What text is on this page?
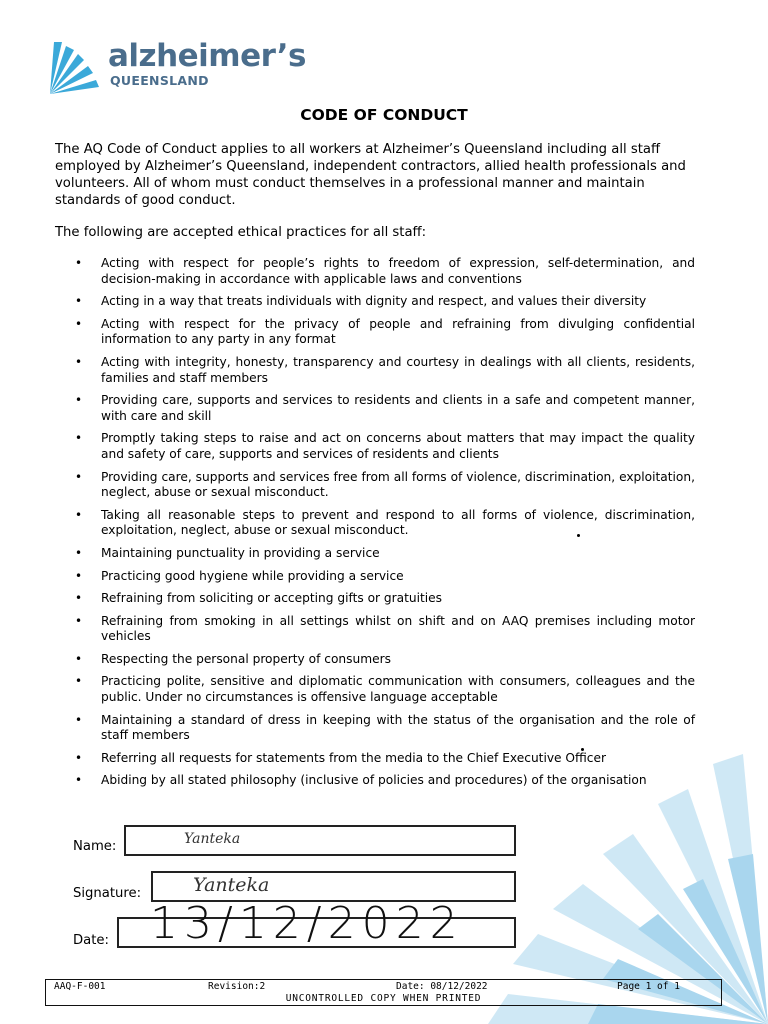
alzheimer’s
QUEENSLAND
CODE OF CONDUCT

The AQ Code of Conduct applies to all workers at Alzheimer’s Queensland including all staff employed by Alzheimer’s Queensland, independent contractors, allied health professionals and volunteers. All of whom must conduct themselves in a professional manner and maintain standards of good conduct.

The following are accepted ethical practices for all staff:

• Acting with respect for people’s rights to freedom of expression, self-determination, and decision-making in accordance with applicable laws and conventions
• Acting in a way that treats individuals with dignity and respect, and values their diversity
• Acting with respect for the privacy of people and refraining from divulging confidential information to any party in any format
• Acting with integrity, honesty, transparency and courtesy in dealings with all clients, residents, families and staff members
• Providing care, supports and services to residents and clients in a safe and competent manner, with care and skill
• Promptly taking steps to raise and act on concerns about matters that may impact the quality and safety of care, supports and services of residents and clients
• Providing care, supports and services free from all forms of violence, discrimination, exploitation, neglect, abuse or sexual misconduct.
• Taking all reasonable steps to prevent and respond to all forms of violence, discrimination, exploitation, neglect, abuse or sexual misconduct.
• Maintaining punctuality in providing a service
• Practicing good hygiene while providing a service
• Refraining from soliciting or accepting gifts or gratuities
• Refraining from smoking in all settings whilst on shift and on AAQ premises including motor vehicles
• Respecting the personal property of consumers
• Practicing polite, sensitive and diplomatic communication with consumers, colleagues and the public. Under no circumstances is offensive language acceptable
• Maintaining a standard of dress in keeping with the status of the organisation and the role of staff members
• Referring all requests for statements from the media to the Chief Executive Officer
• Abiding by all stated philosophy (inclusive of policies and procedures) of the organisation
Name:	Yanteka
Signature:	Yanteka
Date: 13/12/2022
AAQ-F-001	Revision:2	Date: 08/12/2022	Page 1 of 1
UNCONTROLLED COPY WHEN PRINTED
